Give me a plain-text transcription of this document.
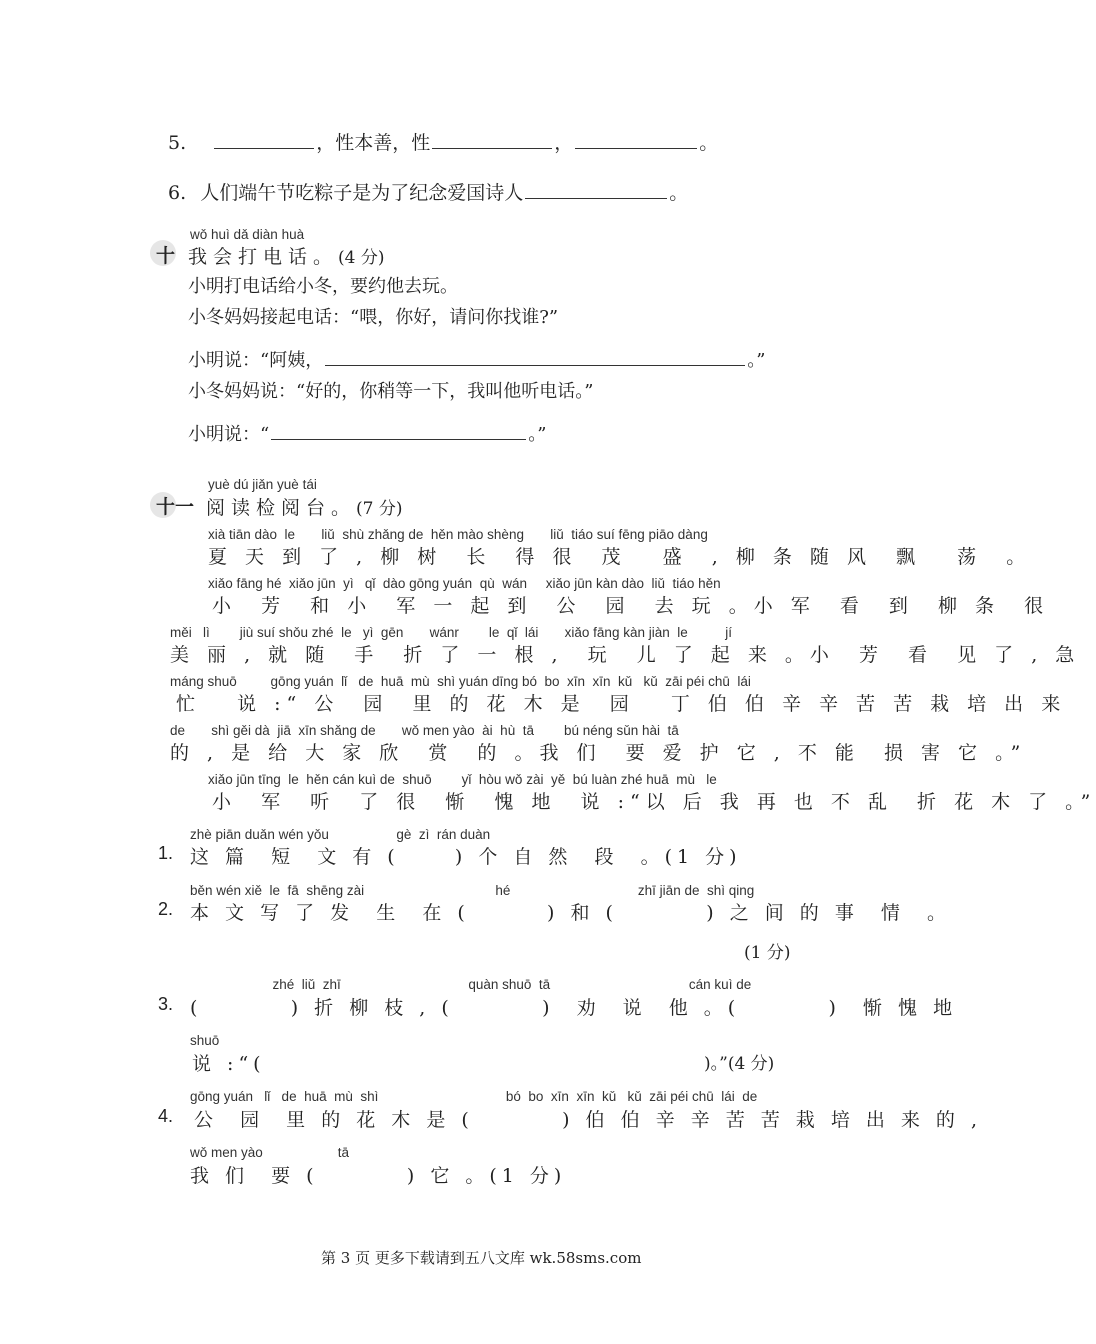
5.	，性本善，性	，	。
6. 人们端午节吃粽子是为了纪念爱国诗人	。
十
wǒ huì dǎ diàn huà
我会打电话。(4 分)
小明打电话给小冬，要约他去玩。
小冬妈妈接起电话：“喂，你好，请问你找谁?”
小明说：“阿姨，	。”
小冬妈妈说：“好的，你稍等一下，我叫他听电话。”
小明说：“	。”
十一
yuè dú jiǎn yuè tái
阅读检阅台。(7 分)
xià tiān dào  le       liǔ  shù zhǎng de  hěn mào shèng       liǔ  tiáo suí fēng piāo dàng
夏 天 到 了 , 柳 树  长  得 很  茂   盛  , 柳 条 随 风  飘   荡  。
xiǎo fāng hé  xiǎo jūn  yì   qǐ  dào gōng yuán  qù  wán     xiǎo jūn kàn dào  liǔ  tiáo hěn
小  芳  和 小  军 一 起 到  公  园  去 玩 。小 军  看  到  柳 条  很
měi   lì        jiù suí shǒu zhé  le   yì  gēn       wánr        le  qǐ  lái       xiǎo fāng kàn jiàn  le          jí
美 丽 , 就 随  手  折 了 一 根 ,  玩  儿 了 起 来 。小  芳  看  见 了 , 急
máng shuō         gōng yuán  lǐ   de  huā  mù  shì yuán dīng bó  bo  xīn  xīn  kǔ   kǔ  zāi péi chū  lái
忙   说 :“ 公  园  里 的 花 木 是  园   丁 伯 伯 辛 辛 苦 苦 栽 培 出 来
de       shì gěi dà  jiā  xīn shǎng de       wǒ men yào  ài  hù  tā        bú néng sǔn hài  tā
的 , 是 给 大 家 欣  赏  的 。我 们  要 爱 护 它 , 不 能  损 害 它 。”
xiǎo jūn tīng  le  hěn cán kuì de  shuō        yǐ  hòu wǒ zài  yě  bú luàn zhé huā  mù   le
小  军  听  了 很  惭  愧 地  说 :“以 后 我 再 也 不 乱  折 花 木 了 。”
1.
zhè piān duǎn wén yǒu                  gè  zì  rán duàn
这 篇  短  文 有 (     ) 个 自 然  段  。(1 分)
2.
běn wén xiě  le  fā  shēng zài                                   hé                                  zhī jiān de  shì qing
本 文 写 了 发  生  在 (       ) 和 (        ) 之 间 的 事  情  。
(1 分)
3.
zhé  liǔ  zhī                                  quàn shuō  tā                                     cán kuì de
(        ) 折 柳 枝 , (        )  劝  说  他 。(        )  惭 愧 地
shuō
说 :“(	)。”(4 分)
4.
gōng yuán   lǐ   de  huā  mù  shì                                  bó  bo  xīn  xīn  kǔ   kǔ  zāi péi chū  lái  de
公  园  里 的 花 木 是 (        ) 伯 伯 辛 辛 苦 苦 栽 培 出 来 的 ,
wǒ men yào                    tā
我 们  要 (        ) 它 。(1 分)
第 3 页 更多下载请到五八文库 wk.58sms.com
